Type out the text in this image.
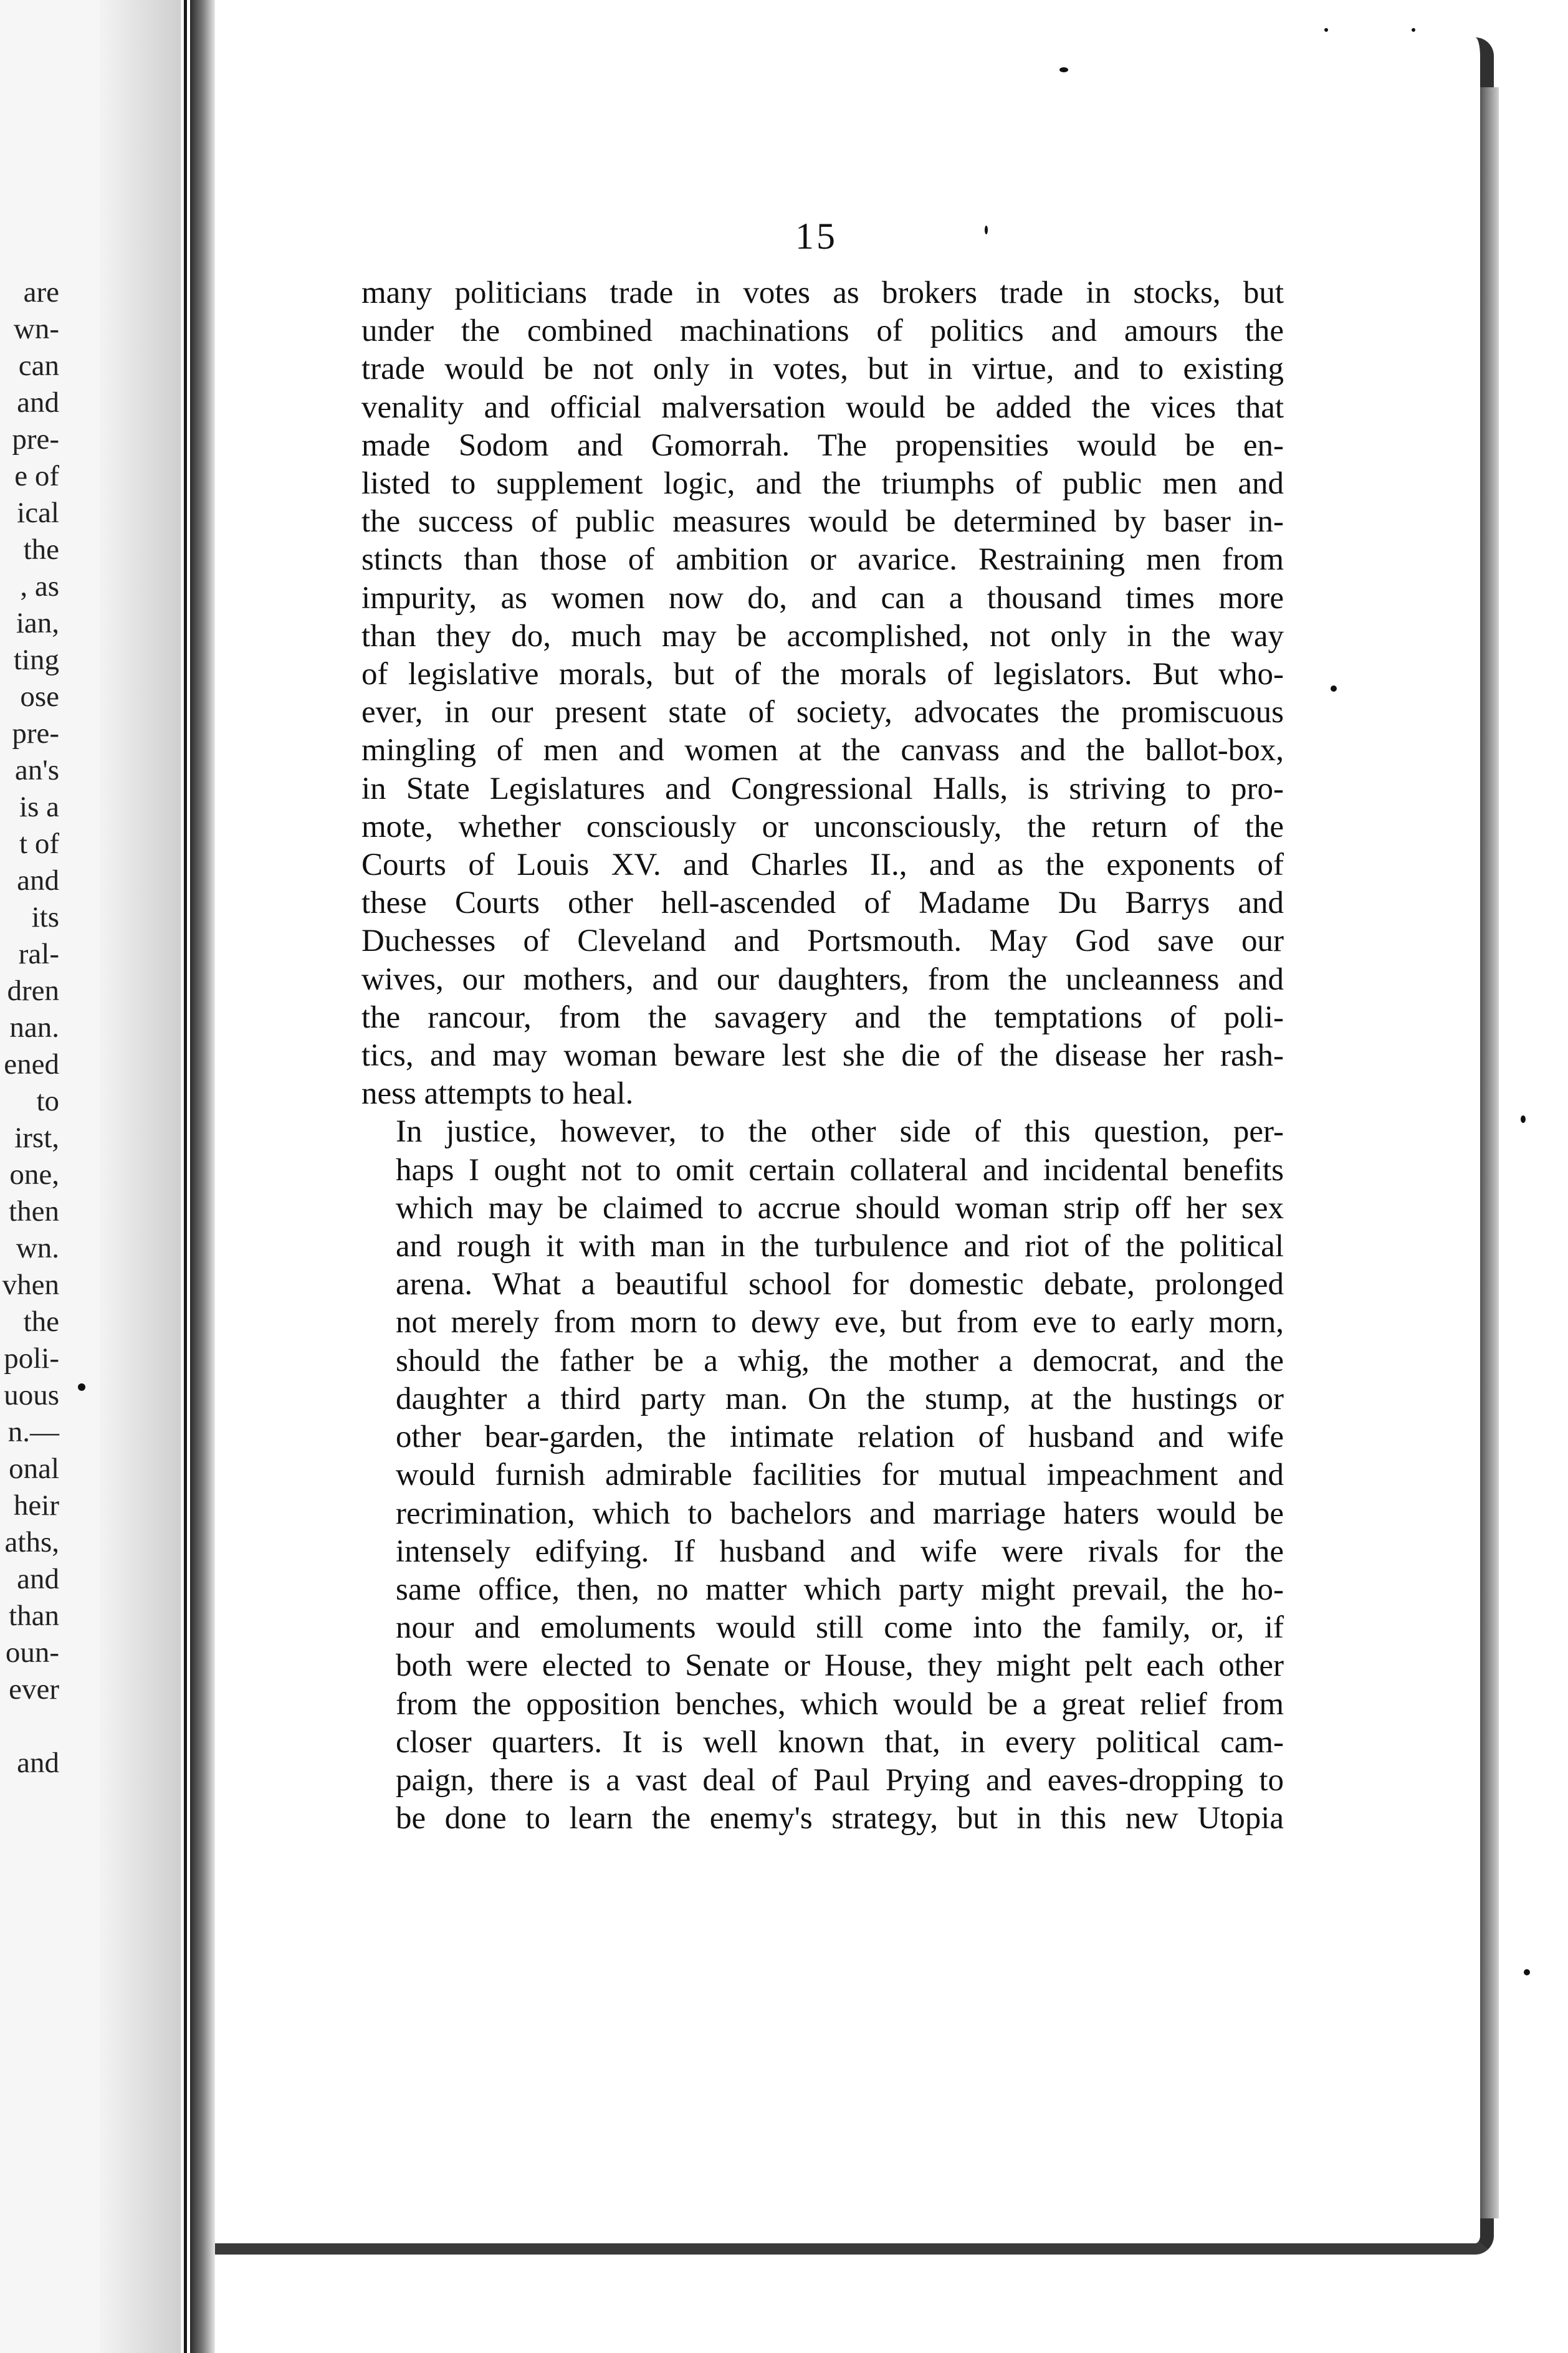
are
wn-
can
and
pre-
e of
ical
the
, as
ian,
ting
ose
pre-
an's
is a
t of
and
its
ral-
dren
nan.
ened
to
irst,
one,
then
wn.
vhen
the
poli-
uous
n.—
onal
heir
aths,
and
than
oun-
ever
and
15

many politicians trade in votes as brokers trade in stocks, but
under the combined machinations of politics and amours the
trade would be not only in votes, but in virtue, and to existing
venality and official malversation would be added the vices that
made Sodom and Gomorrah. The propensities would be en-
listed to supplement logic, and the triumphs of public men and
the success of public measures would be determined by baser in-
stincts than those of ambition or avarice. Restraining men from
impurity, as women now do, and can a thousand times more
than they do, much may be accomplished, not only in the way
of legislative morals, but of the morals of legislators. But who-
ever, in our present state of society, advocates the promiscuous
mingling of men and women at the canvass and the ballot-box,
in State Legislatures and Congressional Halls, is striving to pro-
mote, whether consciously or unconsciously, the return of the
Courts of Louis XV. and Charles II., and as the exponents of
these Courts other hell-ascended of Madame Du Barrys and
Duchesses of Cleveland and Portsmouth. May God save our
wives, our mothers, and our daughters, from the uncleanness and
the rancour, from the savagery and the temptations of poli-
tics, and may woman beware lest she die of the disease her rash-
ness attempts to heal.

In justice, however, to the other side of this question, per-
haps I ought not to omit certain collateral and incidental benefits
which may be claimed to accrue should woman strip off her sex
and rough it with man in the turbulence and riot of the political
arena. What a beautiful school for domestic debate, prolonged
not merely from morn to dewy eve, but from eve to early morn,
should the father be a whig, the mother a democrat, and the
daughter a third party man. On the stump, at the hustings or
other bear-garden, the intimate relation of husband and wife
would furnish admirable facilities for mutual impeachment and
recrimination, which to bachelors and marriage haters would be
intensely edifying. If husband and wife were rivals for the
same office, then, no matter which party might prevail, the ho-
nour and emoluments would still come into the family, or, if
both were elected to Senate or House, they might pelt each other
from the opposition benches, which would be a great relief from
closer quarters. It is well known that, in every political cam-
paign, there is a vast deal of Paul Prying and eaves-dropping to
be done to learn the enemy's strategy, but in this new Utopia
